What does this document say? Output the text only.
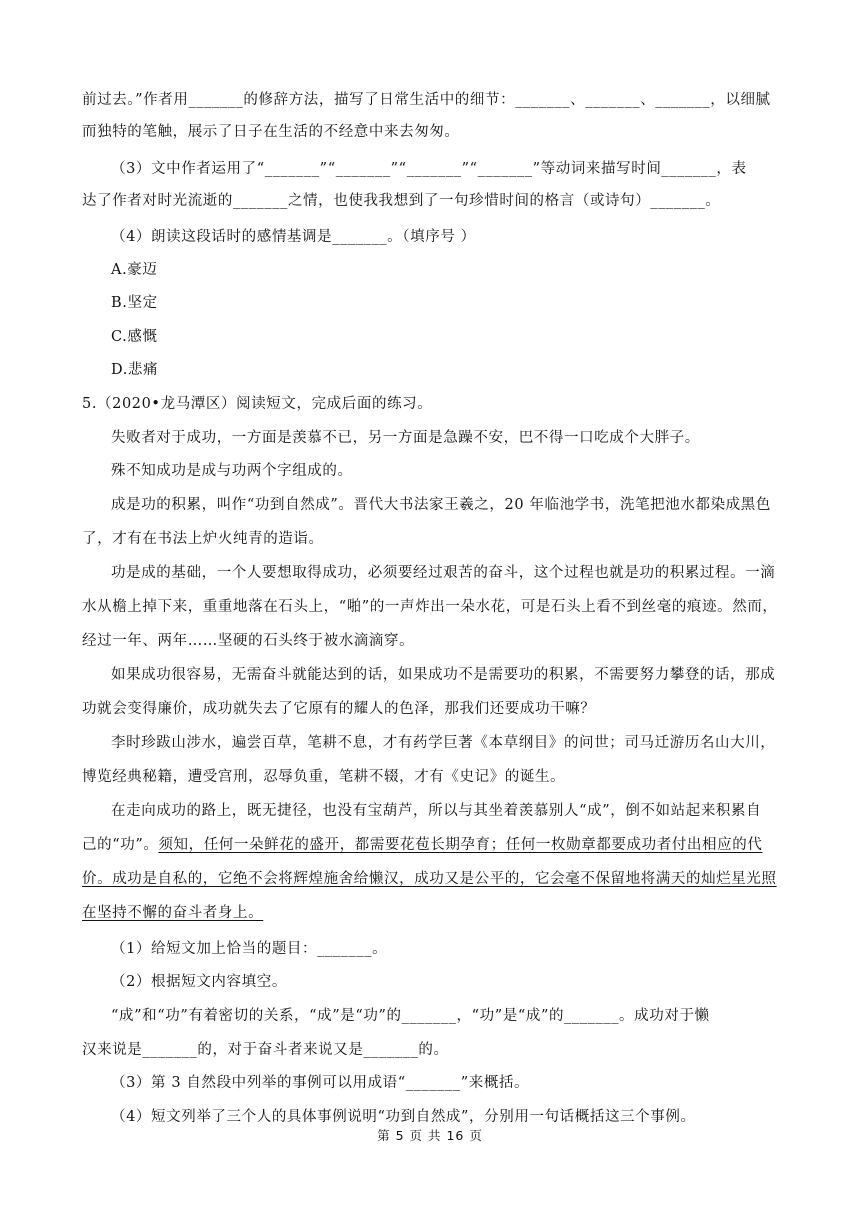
前过去。”作者用_______的修辞方法，描写了日常生活中的细节：_______、_______、_______，以细腻
而独特的笔触，展示了日子在生活的不经意中来去匆匆。
（3）文中作者运用了“_______”“_______”“_______”“_______”等动词来描写时间_______，表
达了作者对时光流逝的_______之情，也使我我想到了一句珍惜时间的格言（或诗句）_______。
（4）朗读这段话时的感情基调是_______。（填序号 ）
A.豪迈
B.坚定
C.感慨
D.悲痛
5.（2020•龙马潭区）阅读短文，完成后面的练习。
失败者对于成功，一方面是羡慕不已，另一方面是急躁不安，巴不得一口吃成个大胖子。
殊不知成功是成与功两个字组成的。
成是功的积累，叫作“功到自然成”。晋代大书法家王羲之，20 年临池学书，洗笔把池水都染成黑色
了，才有在书法上炉火纯青的造诣。
功是成的基础，一个人要想取得成功，必须要经过艰苦的奋斗，这个过程也就是功的积累过程。一滴
水从檐上掉下来，重重地落在石头上，“啪”的一声炸出一朵水花，可是石头上看不到丝毫的痕迹。然而，
经过一年、两年……坚硬的石头终于被水滴滴穿。
如果成功很容易，无需奋斗就能达到的话，如果成功不是需要功的积累，不需要努力攀登的话，那成
功就会变得廉价，成功就失去了它原有的耀人的色泽，那我们还要成功干嘛？
李时珍跋山涉水，遍尝百草，笔耕不息，才有药学巨著《本草纲目》的问世；司马迁游历名山大川，
博览经典秘籍，遭受宫刑，忍辱负重，笔耕不辍，才有《史记》的诞生。
在走向成功的路上，既无捷径，也没有宝葫芦，所以与其坐着羡慕别人“成”，倒不如站起来积累自
己的“功”。须知，任何一朵鲜花的盛开，都需要花苞长期孕育；任何一枚勋章都要成功者付出相应的代
价。成功是自私的，它绝不会将辉煌施舍给懒汉，成功又是公平的，它会毫不保留地将满天的灿烂星光照
在坚持不懈的奋斗者身上。
（1）给短文加上恰当的题目：_______。
（2）根据短文内容填空。
“成”和“功”有着密切的关系，“成”是“功”的_______，“功”是“成”的_______。成功对于懒
汉来说是_______的，对于奋斗者来说又是_______的。
（3）第 3 自然段中列举的事例可以用成语“_______”来概括。
（4）短文列举了三个人的具体事例说明“功到自然成”，分别用一句话概括这三个事例。
第 5 页 共 16 页
